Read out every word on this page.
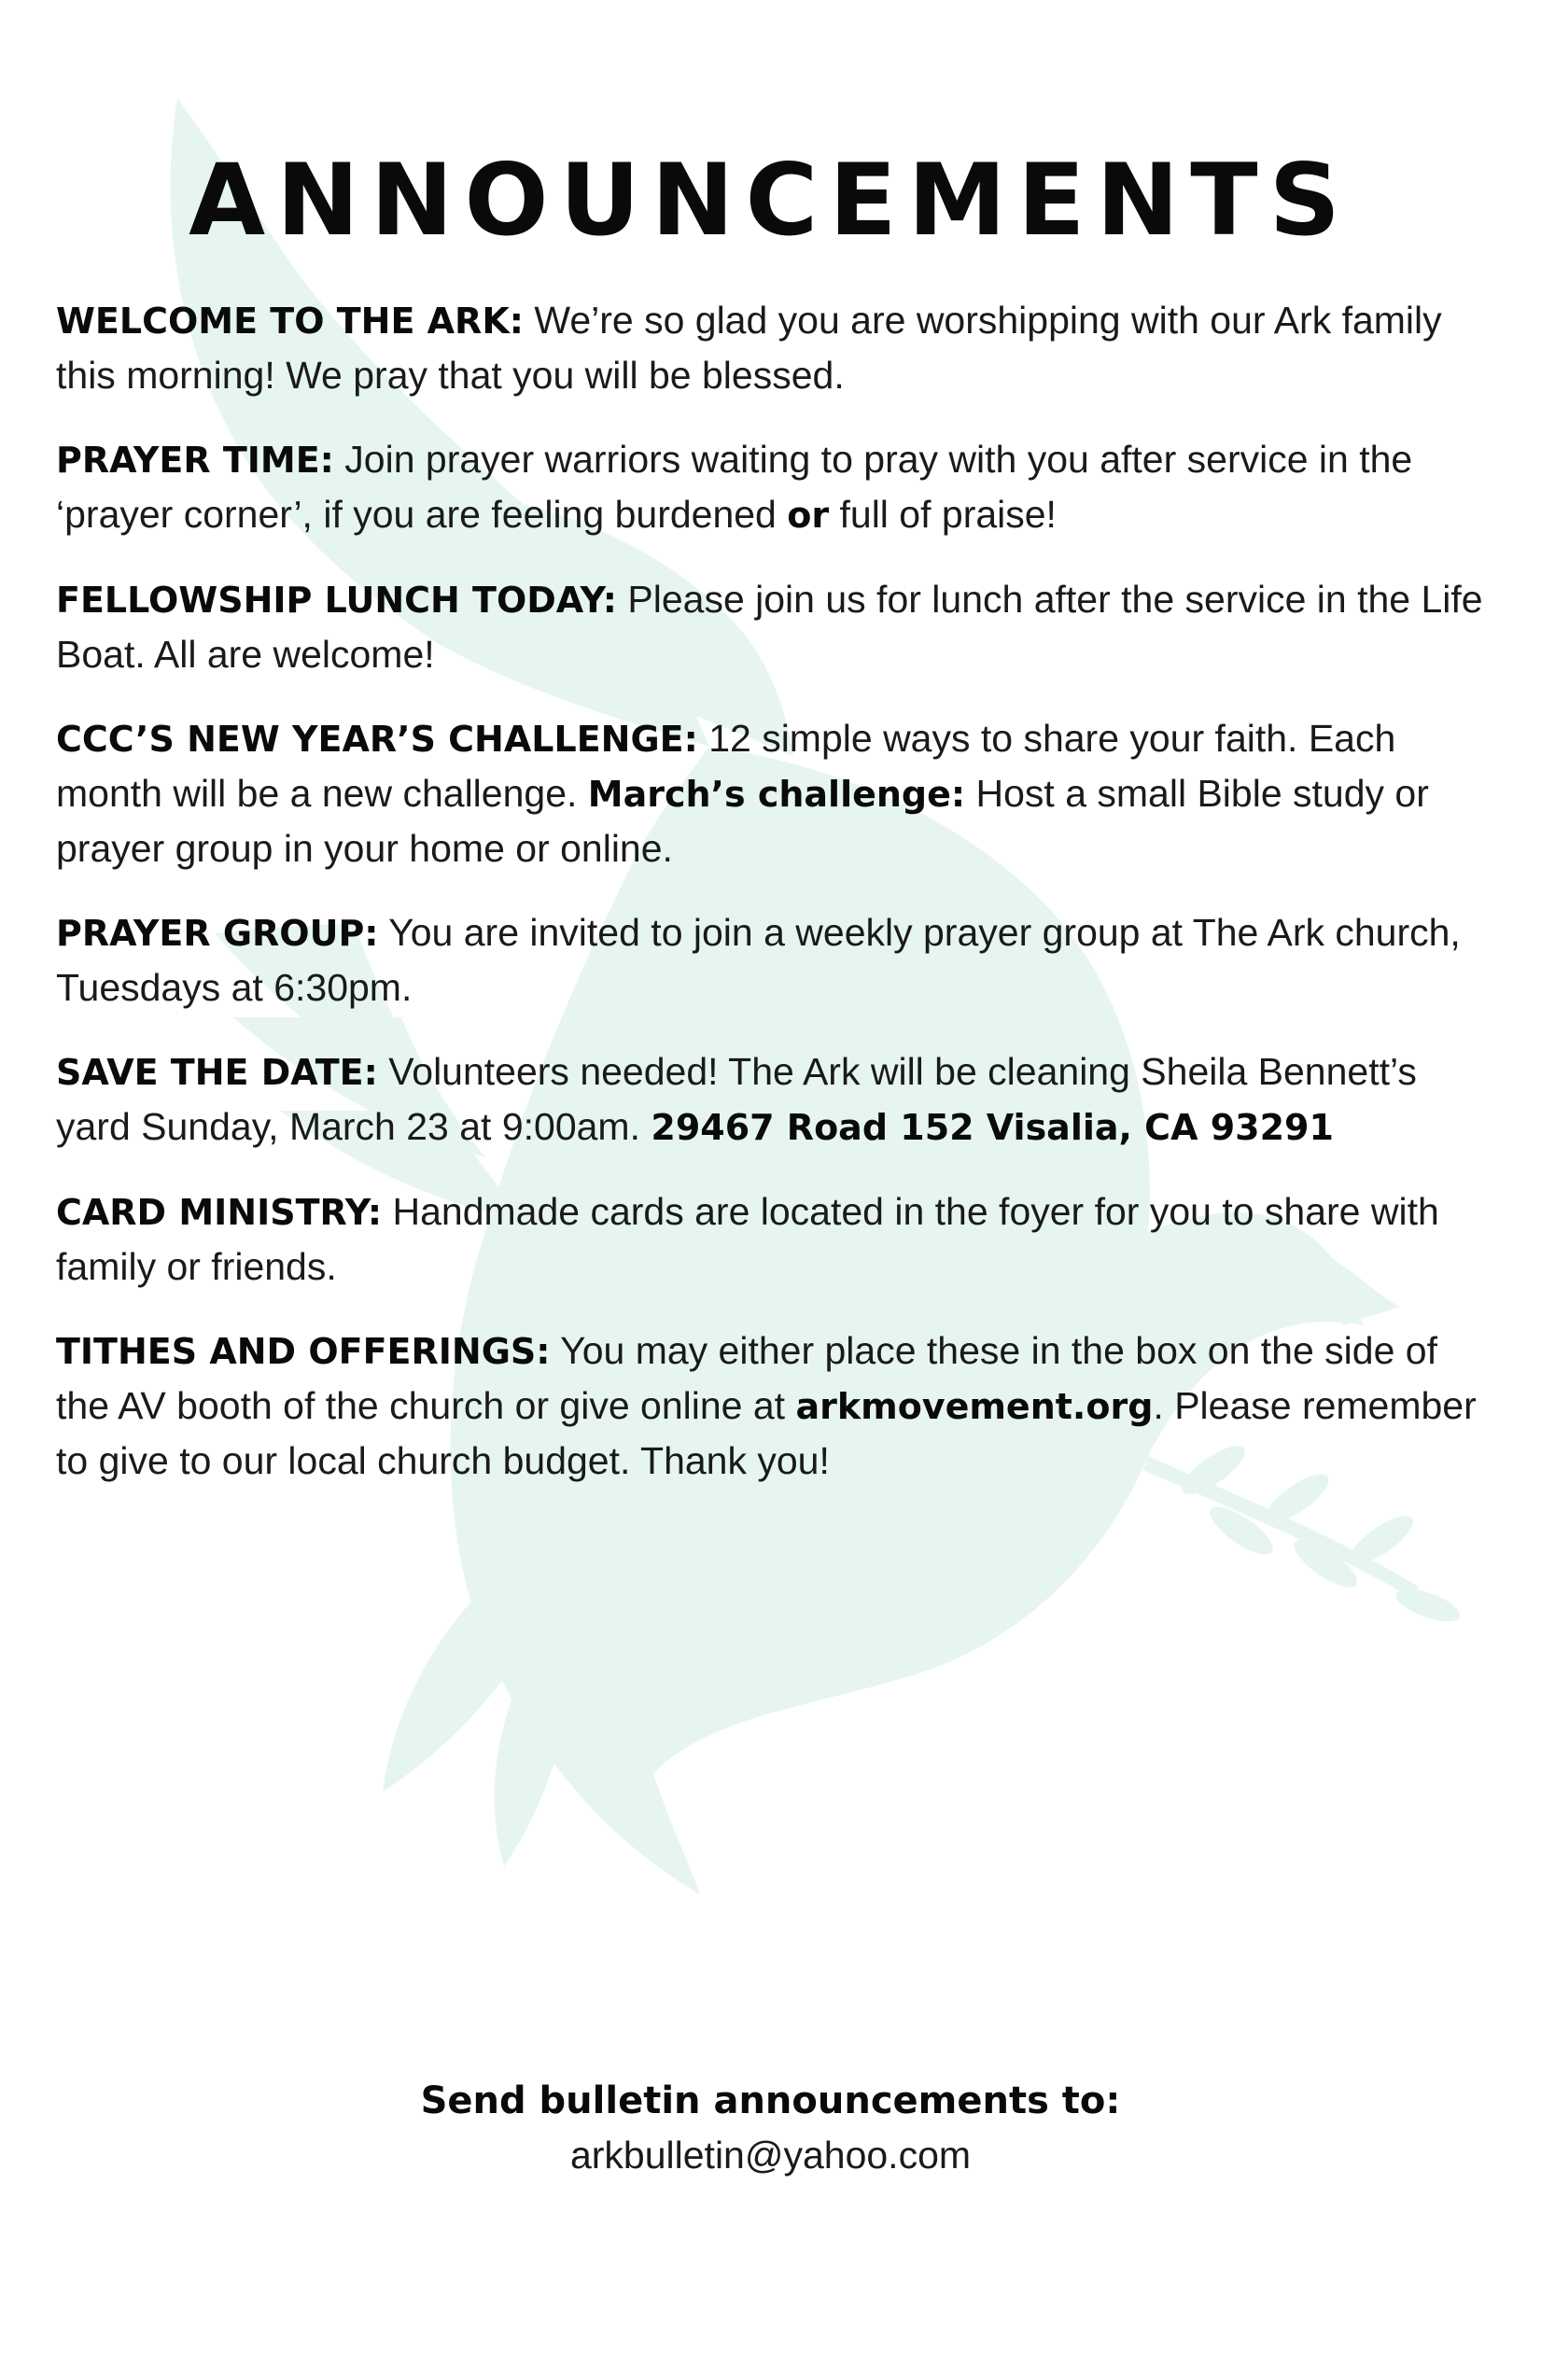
ANNOUNCEMENTS

WELCOME TO THE ARK: We’re so glad you are worshipping with our Ark family this morning! We pray that you will be blessed.

PRAYER TIME: Join prayer warriors waiting to pray with you after service in the ‘prayer corner’, if you are feeling burdened or full of praise!

FELLOWSHIP LUNCH TODAY: Please join us for lunch after the service in the Life Boat. All are welcome!

CCC’S NEW YEAR’S CHALLENGE: 12 simple ways to share your faith. Each month will be a new challenge. March’s challenge: Host a small Bible study or prayer group in your home or online.

PRAYER GROUP: You are invited to join a weekly prayer group at The Ark church, Tuesdays at 6:30pm.

SAVE THE DATE: Volunteers needed! The Ark will be cleaning Sheila Bennett’s yard Sunday, March 23 at 9:00am. 29467 Road 152 Visalia, CA 93291

CARD MINISTRY: Handmade cards are located in the foyer for you to share with family or friends.

TITHES AND OFFERINGS: You may either place these in the box on the side of the AV booth of the church or give online at arkmovement.org. Please remember to give to our local church budget. Thank you!

Send bulletin announcements to:
arkbulletin@yahoo.com
